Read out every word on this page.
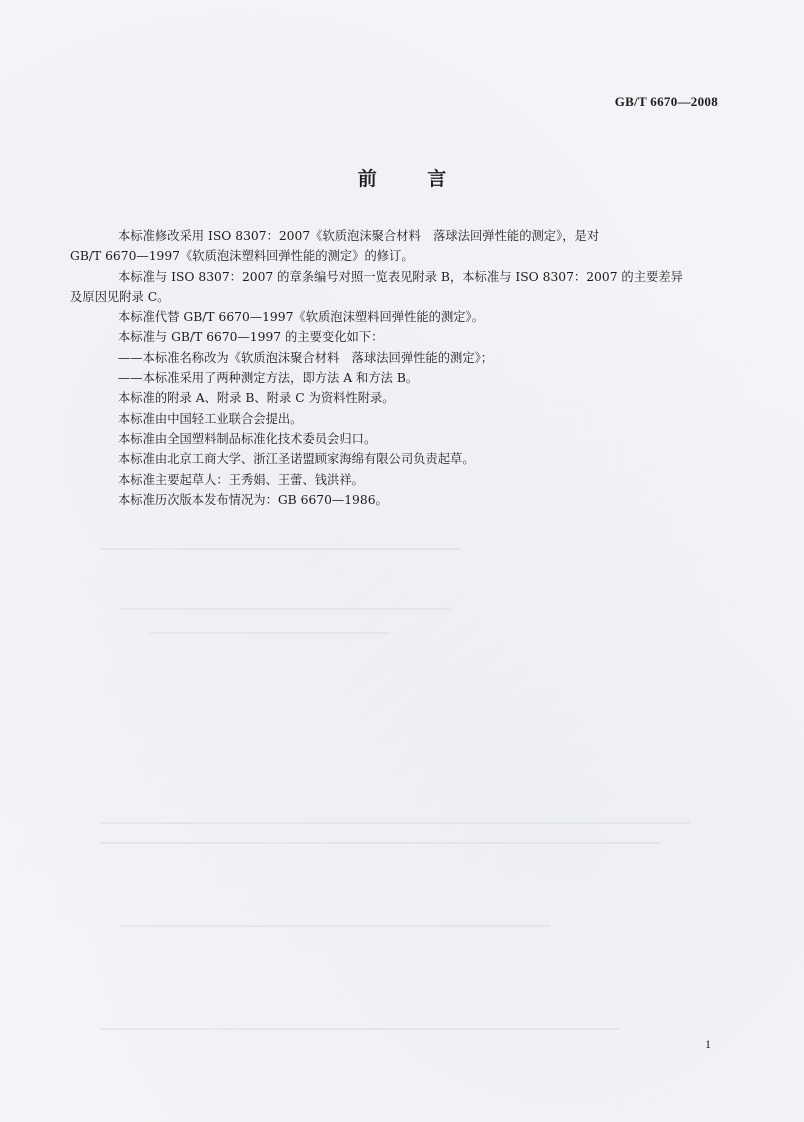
GB/T 6670—2008
前 言

本标准修改采用 ISO 8307：2007《软质泡沫聚合材料　落球法回弹性能的测定》，是对
GB/T 6670—1997《软质泡沫塑料回弹性能的测定》的修订。

本标准与 ISO 8307：2007 的章条编号对照一览表见附录 B，本标准与 ISO 8307：2007 的主要差异
及原因见附录 C。

本标准代替 GB/T 6670—1997《软质泡沫塑料回弹性能的测定》。

本标准与 GB/T 6670—1997 的主要变化如下：

——本标准名称改为《软质泡沫聚合材料　落球法回弹性能的测定》；

——本标准采用了两种测定方法，即方法 A 和方法 B。

本标准的附录 A、附录 B、附录 C 为资料性附录。

本标准由中国轻工业联合会提出。

本标准由全国塑料制品标准化技术委员会归口。

本标准由北京工商大学、浙江圣诺盟顾家海绵有限公司负责起草。

本标准主要起草人：王秀娟、王蕾、钱洪祥。

本标准历次版本发布情况为：GB 6670—1986。

1
